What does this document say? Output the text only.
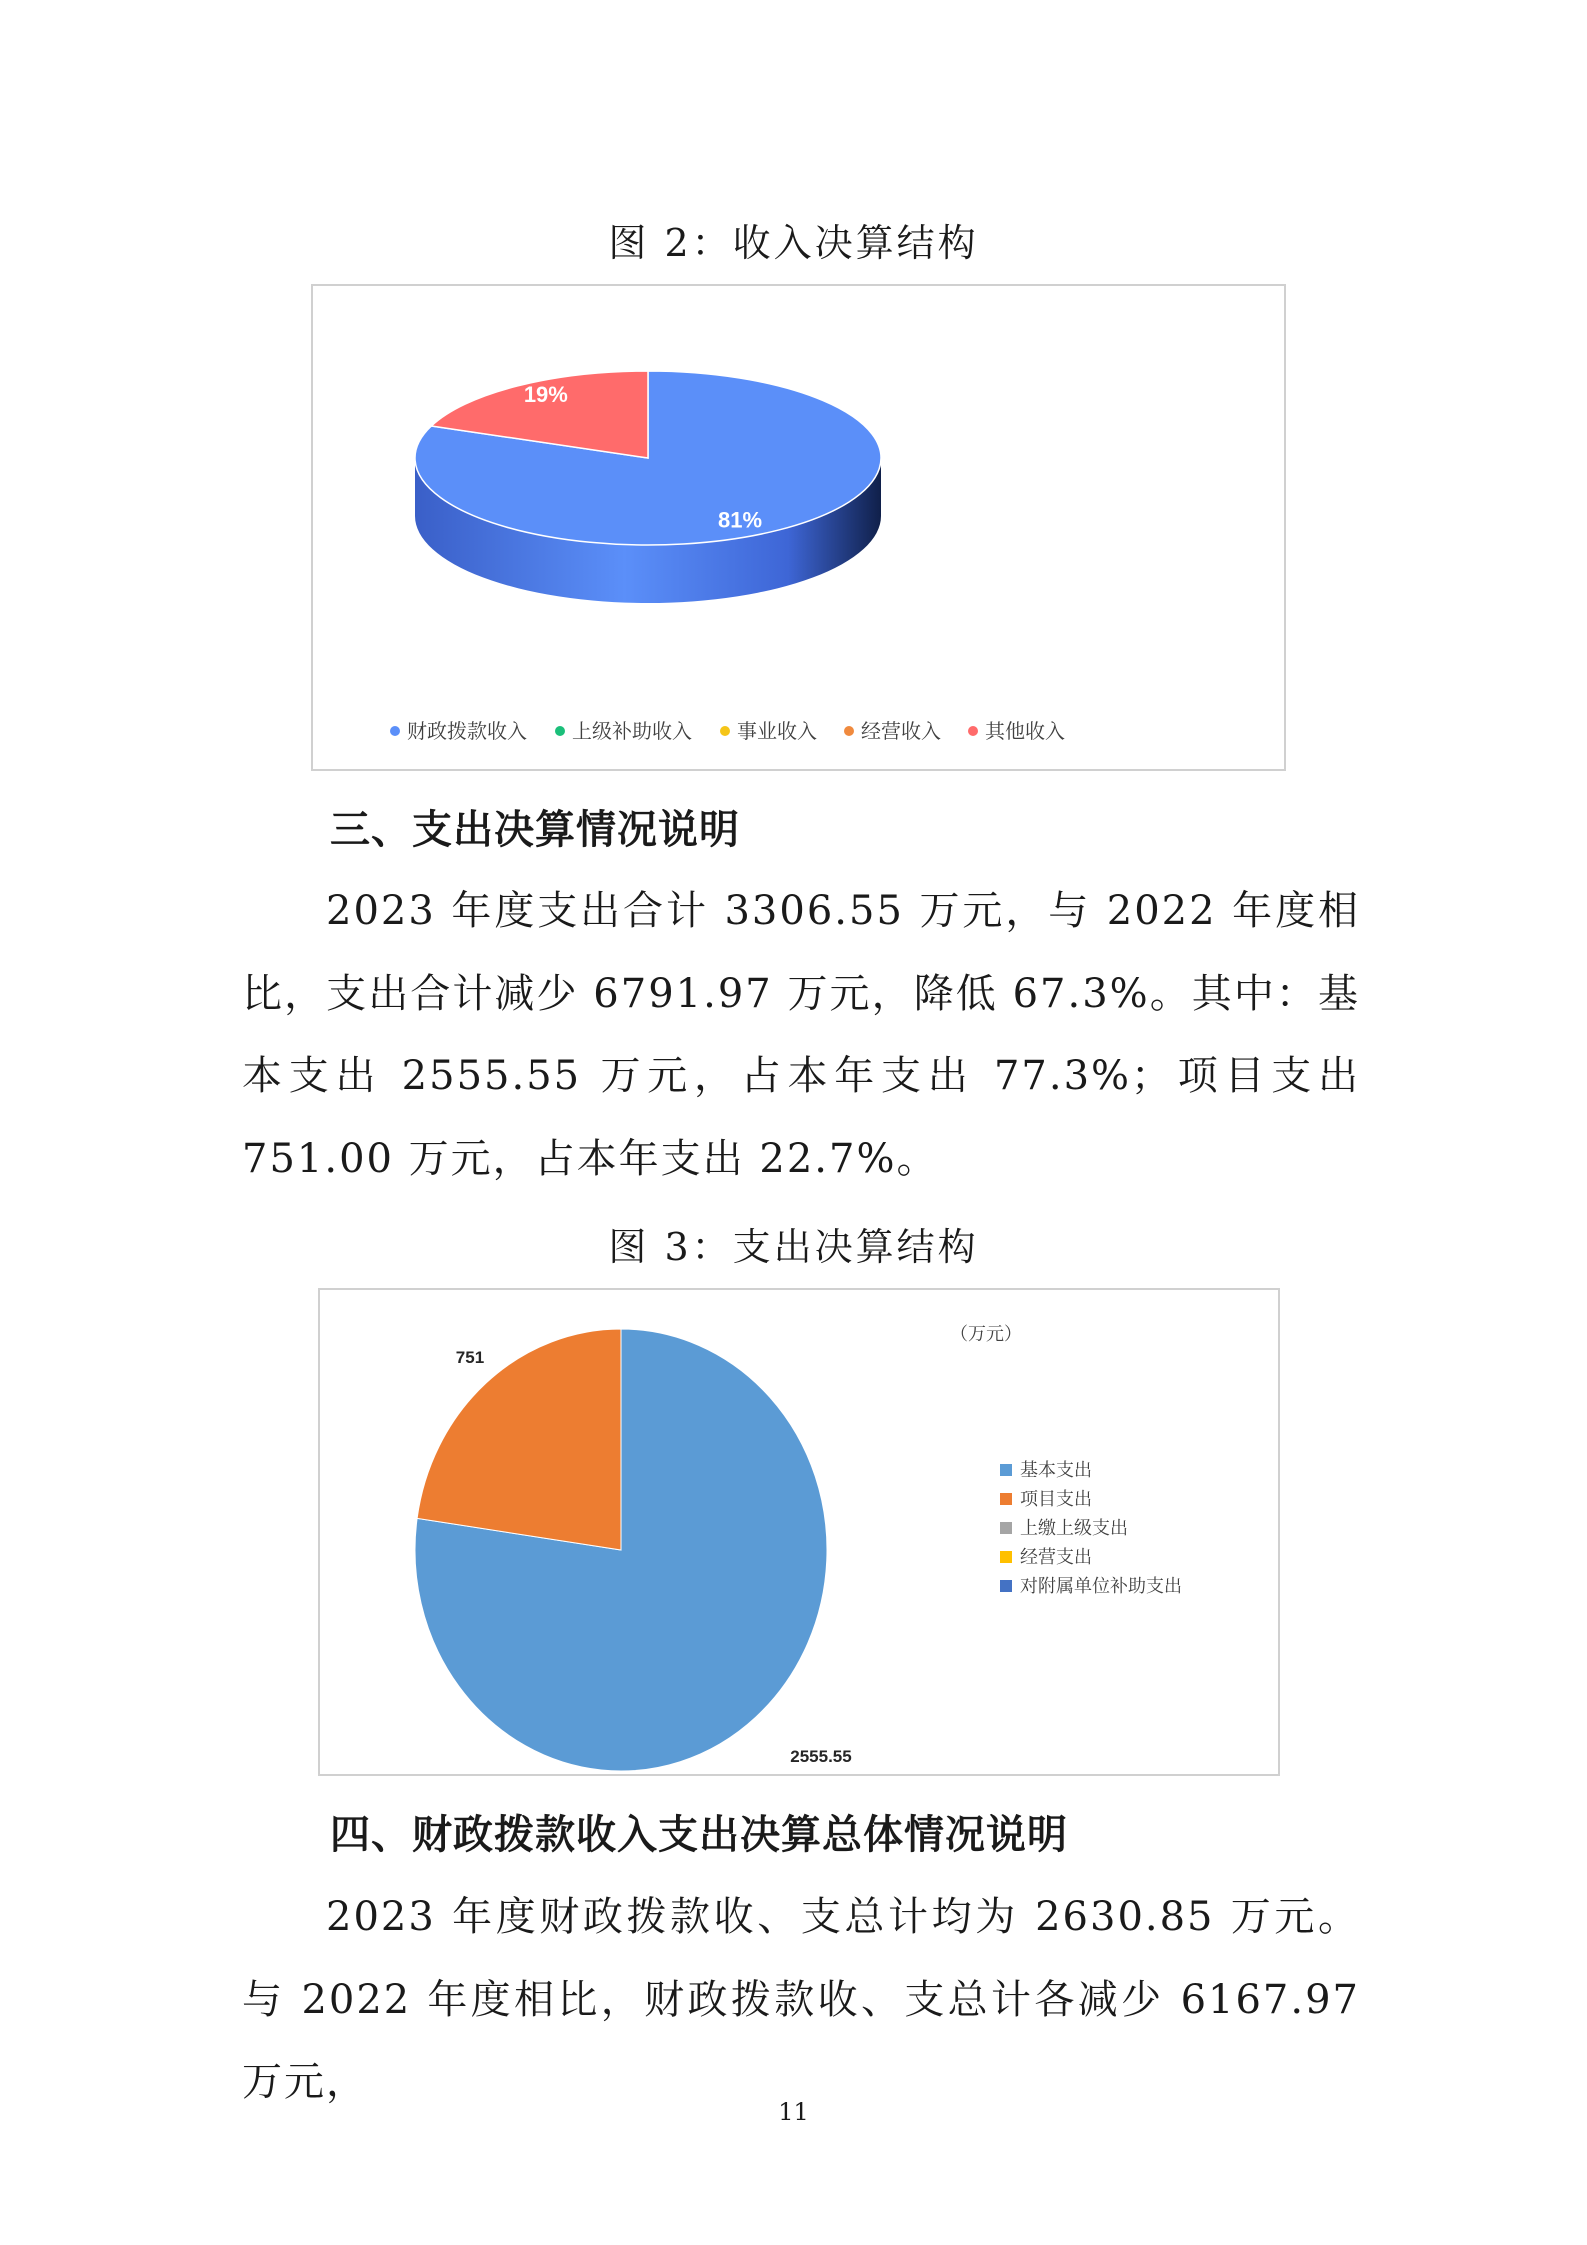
图 2：收入决算结构
81%
19%
财政拨款收入 上级补助收入 事业收入 经营收入 其他收入
三、支出决算情况说明
2023 年度支出合计 3306.55 万元，与 2022 年度相比，支出合计减少 6791.97 万元，降低 67.3%。其中：基本支出 2555.55 万元，占本年支出 77.3%；项目支出 751.00 万元，占本年支出 22.7%。
图 3：支出决算结构
2555.55
751
（万元）
基本支出
项目支出
上缴上级支出
经营支出
对附属单位补助支出
四、财政拨款收入支出决算总体情况说明
2023 年度财政拨款收、支总计均为 2630.85 万元。与 2022 年度相比，财政拨款收、支总计各减少 6167.97 万元，
11
